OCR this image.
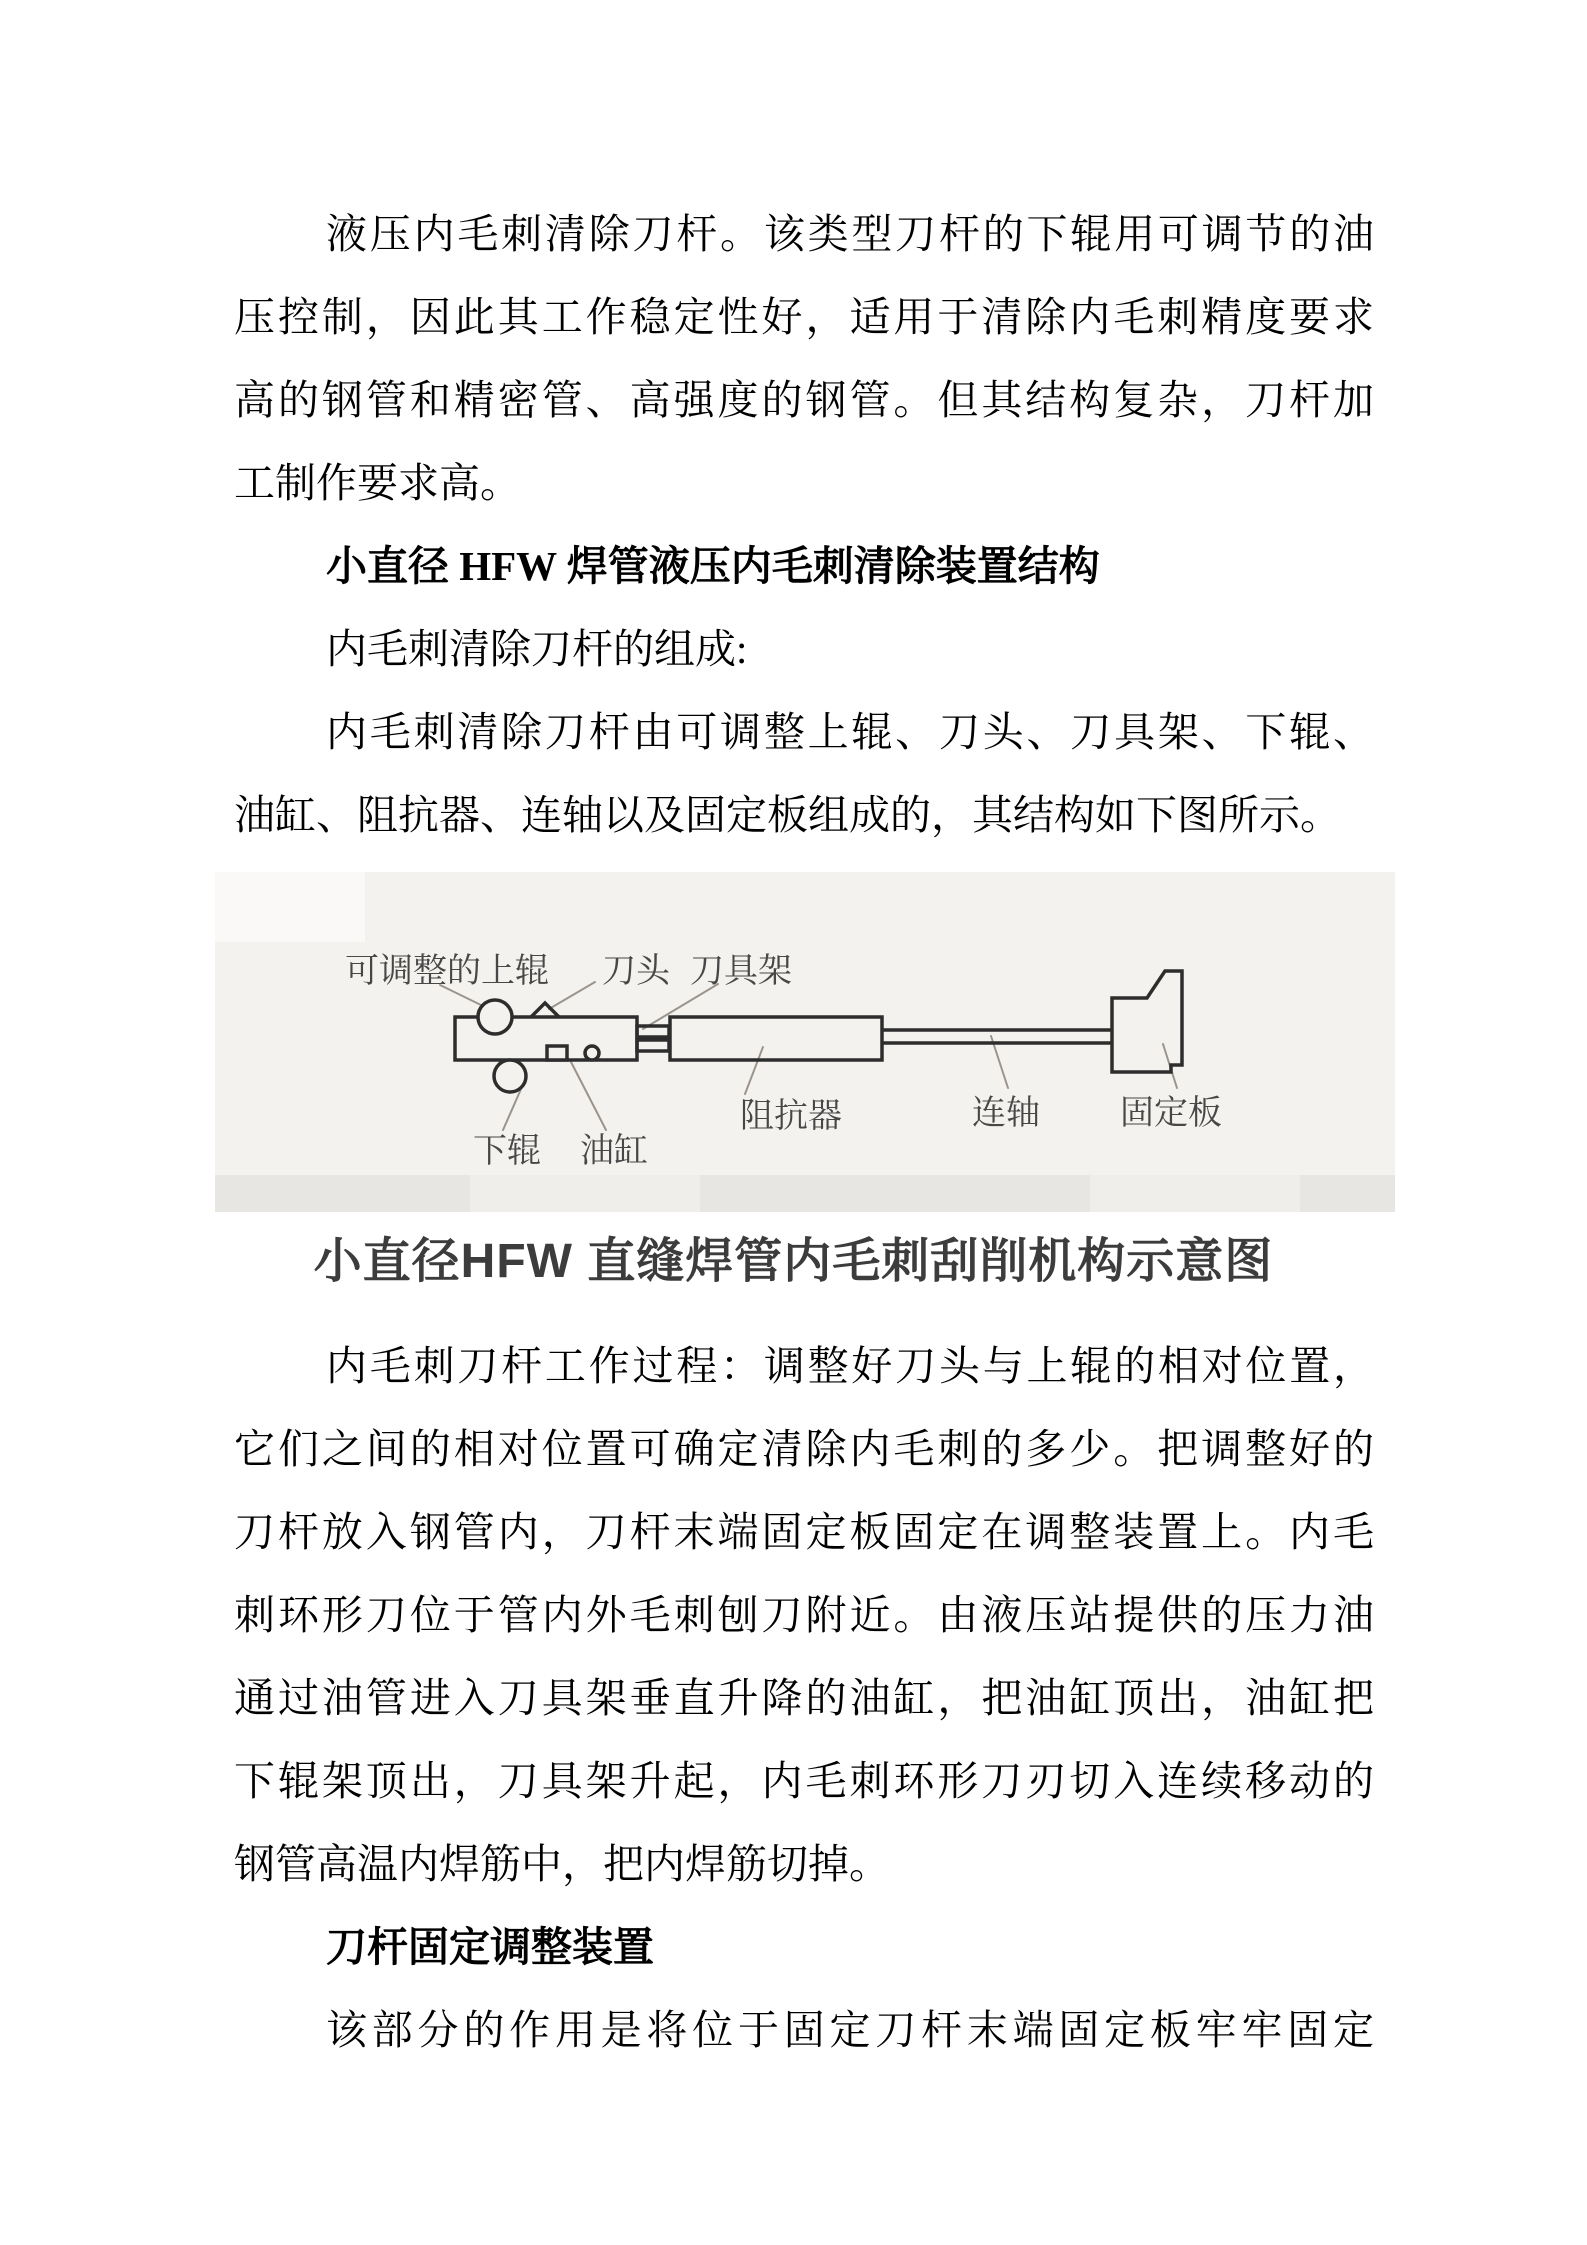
液压内毛刺清除刀杆。该类型刀杆的下辊用可调节的油
压控制，因此其工作稳定性好，适用于清除内毛刺精度要求
高的钢管和精密管、高强度的钢管。但其结构复杂，刀杆加
工制作要求高。
小直径 HFW 焊管液压内毛刺清除装置结构
内毛刺清除刀杆的组成:
内毛刺清除刀杆由可调整上辊、刀头、刀具架、下辊、
油缸、阻抗器、连轴以及固定板组成的，其结构如下图所示。
可调整的上辊 刀头 刀具架
阻抗器	连轴 固定板
下辊 油缸
小直径HFW 直缝焊管内毛刺刮削机构示意图
内毛刺刀杆工作过程：调整好刀头与上辊的相对位置，
它们之间的相对位置可确定清除内毛刺的多少。把调整好的
刀杆放入钢管内，刀杆末端固定板固定在调整装置上。内毛
刺环形刀位于管内外毛刺刨刀附近。由液压站提供的压力油
通过油管进入刀具架垂直升降的油缸，把油缸顶出，油缸把
下辊架顶出，刀具架升起，内毛刺环形刀刃切入连续移动的
钢管高温内焊筋中，把内焊筋切掉。
刀杆固定调整装置
该部分的作用是将位于固定刀杆末端固定板牢牢固定
